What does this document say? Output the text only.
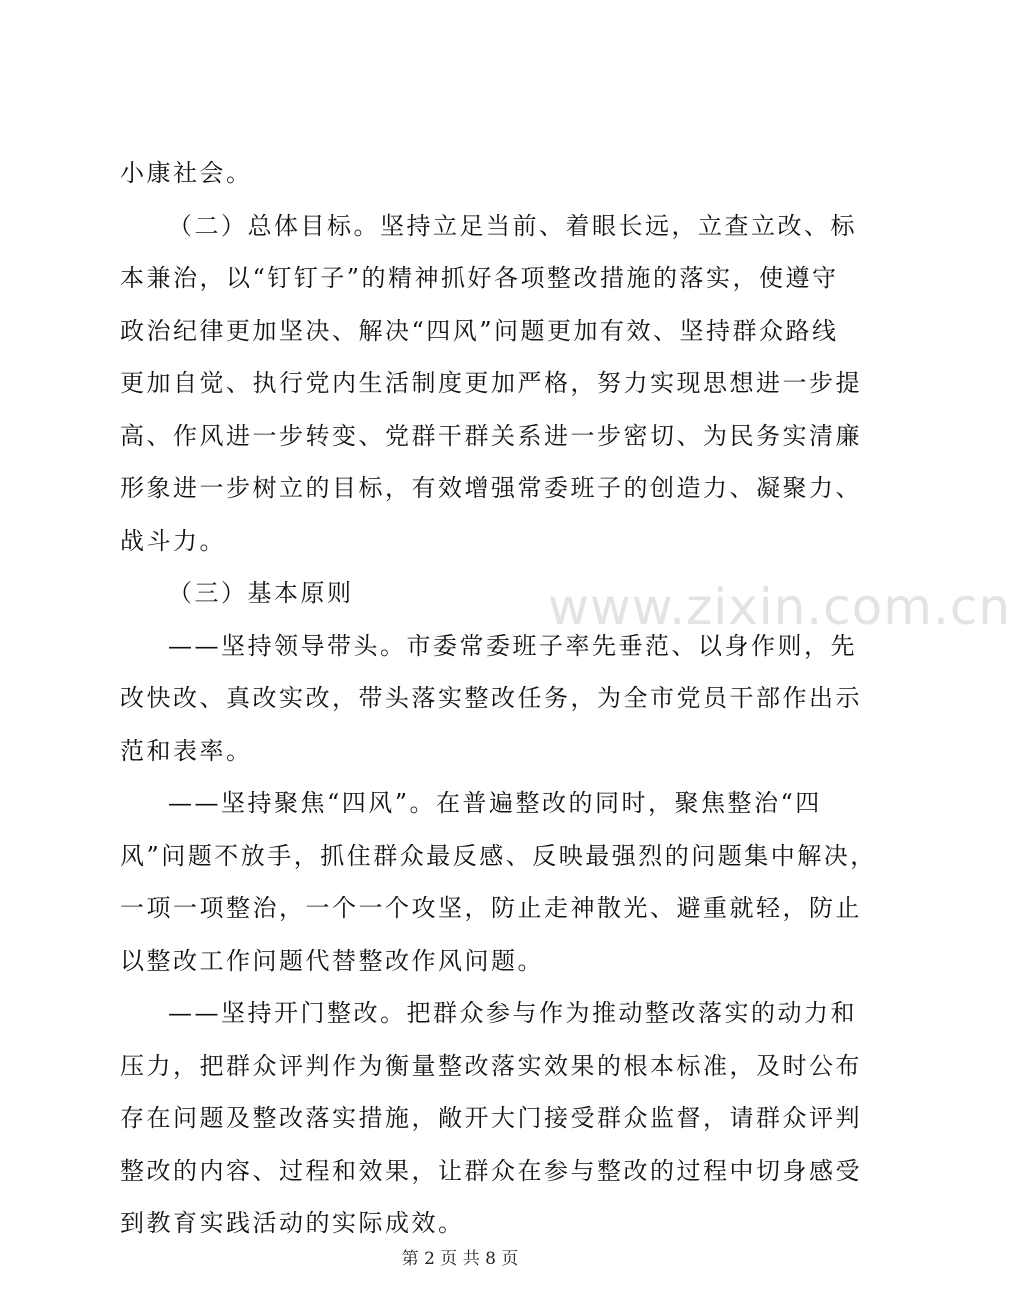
小康社会。
（二）总体目标。坚持立足当前、着眼长远，立查立改、标
本兼治，以“钉钉子”的精神抓好各项整改措施的落实，使遵守
政治纪律更加坚决、解决“四风”问题更加有效、坚持群众路线
更加自觉、执行党内生活制度更加严格，努力实现思想进一步提
高、作风进一步转变、党群干群关系进一步密切、为民务实清廉
形象进一步树立的目标，有效增强常委班子的创造力、凝聚力、
战斗力。
（三）基本原则
——坚持领导带头。市委常委班子率先垂范、以身作则，先
改快改、真改实改，带头落实整改任务，为全市党员干部作出示
范和表率。
——坚持聚焦“四风”。在普遍整改的同时，聚焦整治“四
风”问题不放手，抓住群众最反感、反映最强烈的问题集中解决，
一项一项整治，一个一个攻坚，防止走神散光、避重就轻，防止
以整改工作问题代替整改作风问题。
——坚持开门整改。把群众参与作为推动整改落实的动力和
压力，把群众评判作为衡量整改落实效果的根本标准，及时公布
存在问题及整改落实措施，敞开大门接受群众监督，请群众评判
整改的内容、过程和效果，让群众在参与整改的过程中切身感受
到教育实践活动的实际成效。
www.zixin.com.cn
第 2 页 共 8 页
